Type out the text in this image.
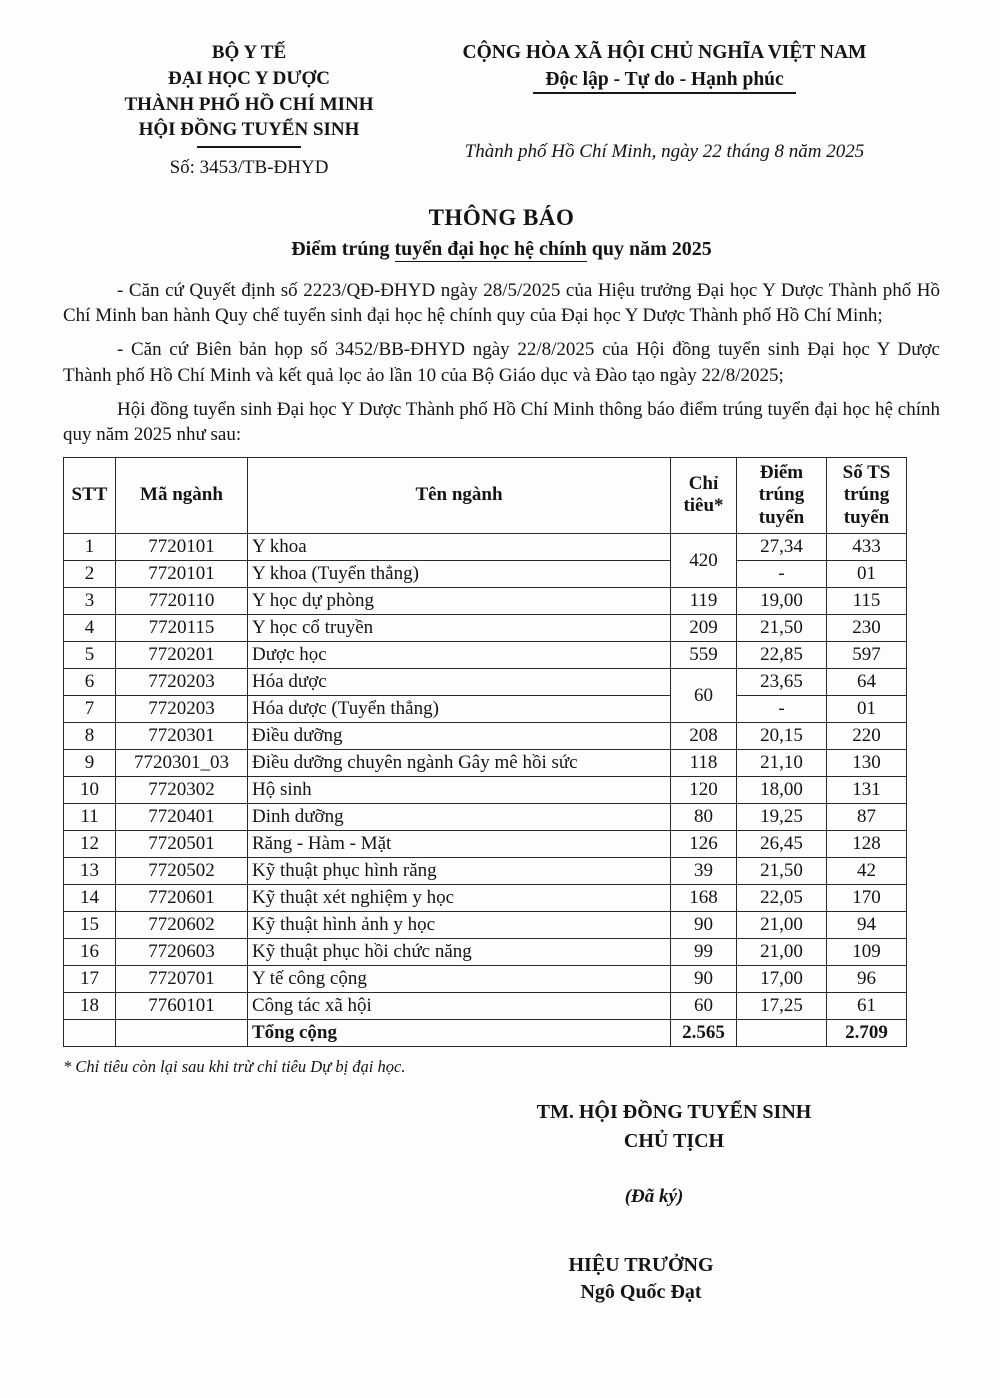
BỘ Y TẾ
ĐẠI HỌC Y DƯỢC
THÀNH PHỐ HỒ CHÍ MINH
HỘI ĐỒNG TUYỂN SINH
Số: 3453/TB-ĐHYD
CỘNG HÒA XÃ HỘI CHỦ NGHĨA VIỆT NAM
Độc lập - Tự do - Hạnh phúc
Thành phố Hồ Chí Minh, ngày 22 tháng 8 năm 2025
THÔNG BÁO
Điểm trúng tuyển đại học hệ chính quy năm 2025

- Căn cứ Quyết định số 2223/QĐ-ĐHYD ngày 28/5/2025 của Hiệu trưởng Đại học Y Dược Thành phố Hồ Chí Minh ban hành Quy chế tuyển sinh đại học hệ chính quy của Đại học Y Dược Thành phố Hồ Chí Minh;

- Căn cứ Biên bản họp số 3452/BB-ĐHYD ngày 22/8/2025 của Hội đồng tuyển sinh Đại học Y Dược Thành phố Hồ Chí Minh và kết quả lọc ảo lần 10 của Bộ Giáo dục và Đào tạo ngày 22/8/2025;

Hội đồng tuyển sinh Đại học Y Dược Thành phố Hồ Chí Minh thông báo điểm trúng tuyển đại học hệ chính quy năm 2025 như sau:

STT	Mã ngành	Tên ngành	Chỉ tiêu*	Điểm trúng tuyển	Số TS trúng tuyển
1	7720101	Y khoa	420	27,34	433
2	7720101	Y khoa (Tuyển thẳng)		-	01
3	7720110	Y học dự phòng	119	19,00	115
4	7720115	Y học cổ truyền	209	21,50	230
5	7720201	Dược học	559	22,85	597
6	7720203	Hóa dược	60	23,65	64
7	7720203	Hóa dược (Tuyển thẳng)		-	01
8	7720301	Điều dưỡng	208	20,15	220
9	7720301_03	Điều dưỡng chuyên ngành Gây mê hồi sức	118	21,10	130
10	7720302	Hộ sinh	120	18,00	131
11	7720401	Dinh dưỡng	80	19,25	87
12	7720501	Răng - Hàm - Mặt	126	26,45	128
13	7720502	Kỹ thuật phục hình răng	39	21,50	42
14	7720601	Kỹ thuật xét nghiệm y học	168	22,05	170
15	7720602	Kỹ thuật hình ảnh y học	90	21,00	94
16	7720603	Kỹ thuật phục hồi chức năng	99	21,00	109
17	7720701	Y tế công cộng	90	17,00	96
18	7760101	Công tác xã hội	60	17,25	61
		Tổng cộng	2.565		2.709
* Chỉ tiêu còn lại sau khi trừ chỉ tiêu Dự bị đại học.
TM. HỘI ĐỒNG TUYỂN SINH
CHỦ TỊCH
(Đã ký)
HIỆU TRƯỞNG
Ngô Quốc Đạt
